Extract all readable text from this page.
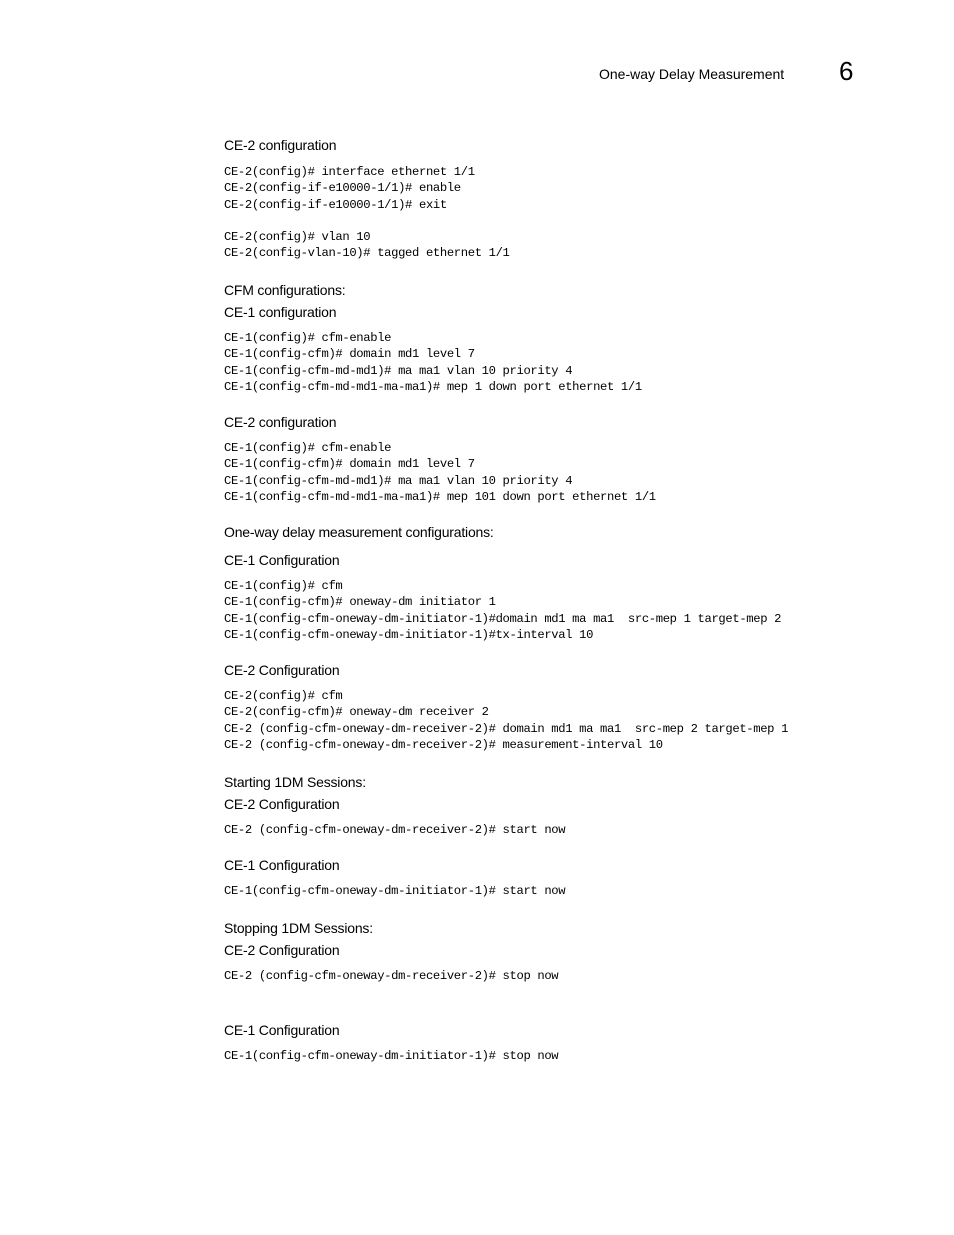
One-way Delay Measurement 6
CE-2 configuration
CE-2(config)# interface ethernet 1/1
CE-2(config-if-e10000-1/1)# enable
CE-2(config-if-e10000-1/1)# exit
CE-2(config)# vlan 10
CE-2(config-vlan-10)# tagged ethernet 1/1
CFM configurations:
CE-1 configuration
CE-1(config)# cfm-enable
CE-1(config-cfm)# domain md1 level 7
CE-1(config-cfm-md-md1)# ma ma1 vlan 10 priority 4
CE-1(config-cfm-md-md1-ma-ma1)# mep 1 down port ethernet 1/1
CE-2 configuration
CE-1(config)# cfm-enable
CE-1(config-cfm)# domain md1 level 7
CE-1(config-cfm-md-md1)# ma ma1 vlan 10 priority 4
CE-1(config-cfm-md-md1-ma-ma1)# mep 101 down port ethernet 1/1
One-way delay measurement configurations:
CE-1 Configuration
CE-1(config)# cfm
CE-1(config-cfm)# oneway-dm initiator 1
CE-1(config-cfm-oneway-dm-initiator-1)#domain md1 ma ma1  src-mep 1 target-mep 2
CE-1(config-cfm-oneway-dm-initiator-1)#tx-interval 10
CE-2 Configuration
CE-2(config)# cfm
CE-2(config-cfm)# oneway-dm receiver 2
CE-2 (config-cfm-oneway-dm-receiver-2)# domain md1 ma ma1  src-mep 2 target-mep 1
CE-2 (config-cfm-oneway-dm-receiver-2)# measurement-interval 10
Starting 1DM Sessions:
CE-2 Configuration
CE-2 (config-cfm-oneway-dm-receiver-2)# start now
CE-1 Configuration
CE-1(config-cfm-oneway-dm-initiator-1)# start now
Stopping 1DM Sessions:
CE-2 Configuration
CE-2 (config-cfm-oneway-dm-receiver-2)# stop now
CE-1 Configuration
CE-1(config-cfm-oneway-dm-initiator-1)# stop now
